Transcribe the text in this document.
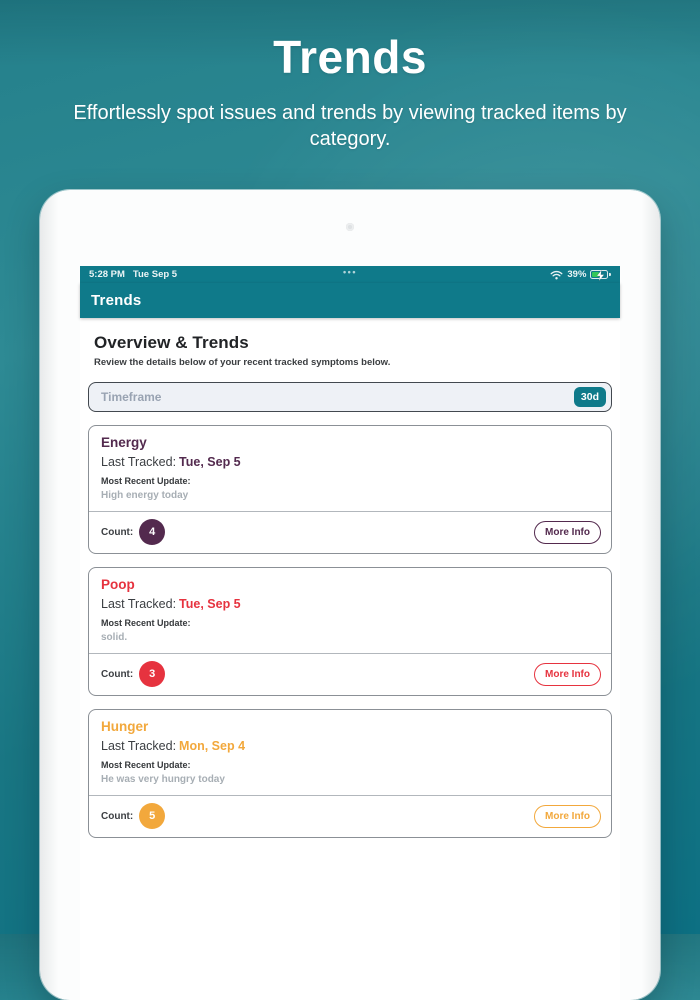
Trends
Effortlessly spot issues and trends by viewing tracked items by category.
5:28 PM Tue Sep 5	•••	39%
Trends
Overview & Trends
Review the details below of your recent tracked symptoms below.
Timeframe	30d
Energy
Last Tracked: Tue, Sep 5
Most Recent Update:
High energy today
Count:	4	More Info
Poop
Last Tracked: Tue, Sep 5
Most Recent Update:
solid.
Count:	3	More Info
Hunger
Last Tracked: Mon, Sep 4
Most Recent Update:
He was very hungry today
Count:	5	More Info
